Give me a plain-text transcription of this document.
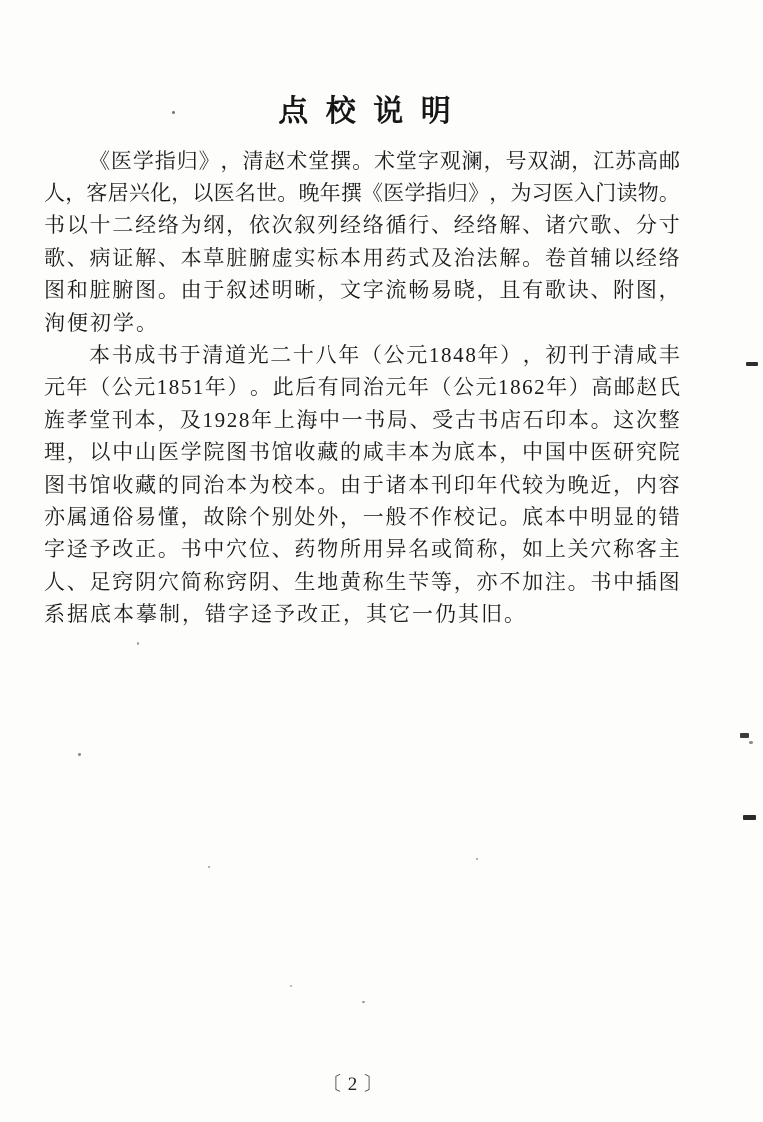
点 校 说 明
《 医 学 指 归 》 ， 清 赵 术 堂 撰 。 术 堂 字 观 澜 ， 号 双 湖 ， 江 苏 高 邮
人 ， 客 居 兴 化 ， 以 医 名 世 。 晚 年 撰 《 医 学 指 归 》 ， 为 习 医 入 门 读 物 。
书 以 十 二 经 络 为 纲 ， 依 次 叙 列 经 络 循 行 、 经 络 解 、 诸 穴 歌 、 分 寸
歌 、 病 证 解 、 本 草 脏 腑 虚 实 标 本 用 药 式 及 治 法 解 。 卷 首 辅 以 经 络
图 和 脏 腑 图 。 由 于 叙 述 明 晰 ， 文 字 流 畅 易 晓 ， 且 有 歌 诀 、 附 图 ，
洵 便 初 学 。
本 书 成 书 于 清 道 光 二 十 八 年 （ 公 元 1 8 4 8 年 ） ， 初 刊 于 清 咸 丰
元 年 （ 公 元 1 8 5 1 年 ） 。 此 后 有 同 治 元 年 （ 公 元 1 8 6 2 年 ） 高 邮 赵 氏
旌 孝 堂 刊 本 ， 及 1 9 2 8 年 上 海 中 一 书 局 、 受 古 书 店 石 印 本 。 这 次 整
理 ， 以 中 山 医 学 院 图 书 馆 收 藏 的 咸 丰 本 为 底 本 ， 中 国 中 医 研 究 院
图 书 馆 收 藏 的 同 治 本 为 校 本 。 由 于 诸 本 刊 印 年 代 较 为 晚 近 ， 内 容
亦 属 通 俗 易 懂 ， 故 除 个 别 处 外 ， 一 般 不 作 校 记 。 底 本 中 明 显 的 错
字 迳 予 改 正 。 书 中 穴 位 、 药 物 所 用 异 名 或 简 称 ， 如 上 关 穴 称 客 主
人 、 足 窍 阴 穴 简 称 窍 阴 、 生 地 黄 称 生 芐 等 ， 亦 不 加 注 。 书 中 插 图
系 据 底 本 摹 制 ， 错 字 迳 予 改 正 ， 其 它 一 仍 其 旧 。
〔 2 〕
